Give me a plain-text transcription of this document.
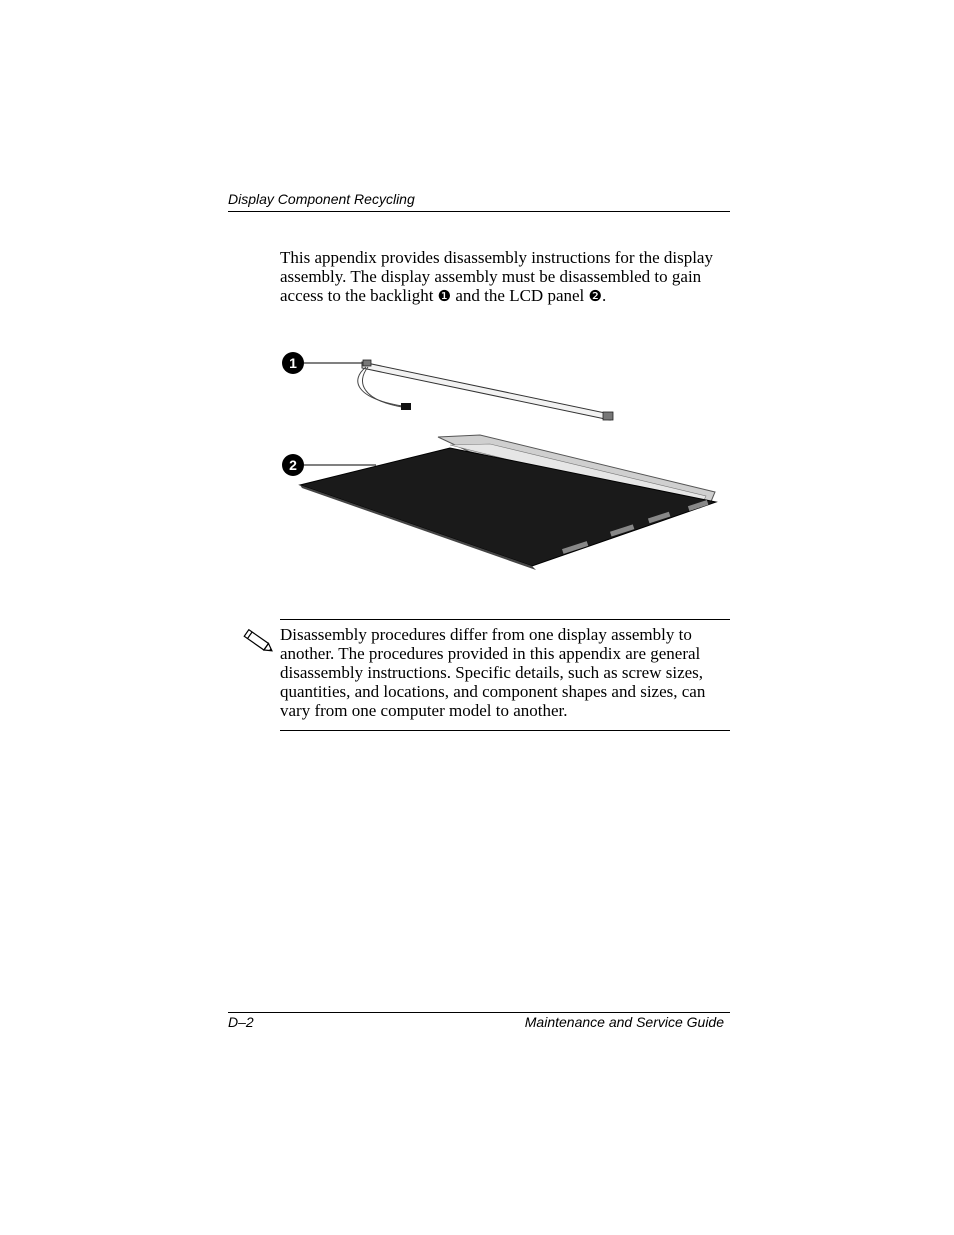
Display Component Recycling

This appendix provides disassembly instructions for the display assembly. The display assembly must be disassembled to gain access to the backlight ❶ and the LCD panel ❷.

1
2

Disassembly procedures differ from one display assembly to another. The procedures provided in this appendix are general disassembly instructions. Specific details, such as screw sizes, quantities, and locations, and component shapes and sizes, can vary from one computer model to another.

D–2	Maintenance and Service Guide
